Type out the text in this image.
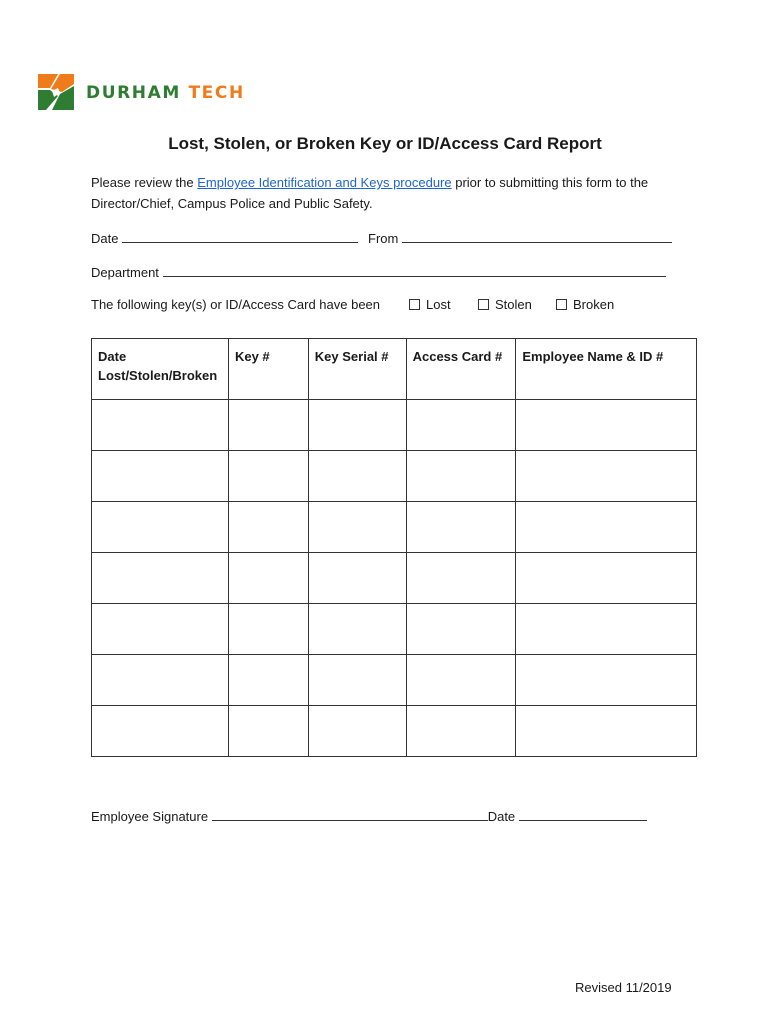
DURHAM TECH
Lost, Stolen, or Broken Key or ID/Access Card Report
Please review the Employee Identification and Keys procedure prior to submitting this form to the Director/Chief, Campus Police and Public Safety.
Date	From
Department
The following key(s) or ID/Access Card have been	Lost	Stolen	Broken
Date Lost/Stolen/Broken	Key #	Key Serial #	Access Card #	Employee Name & ID #

Employee Signature	Date
Revised 11/2019
